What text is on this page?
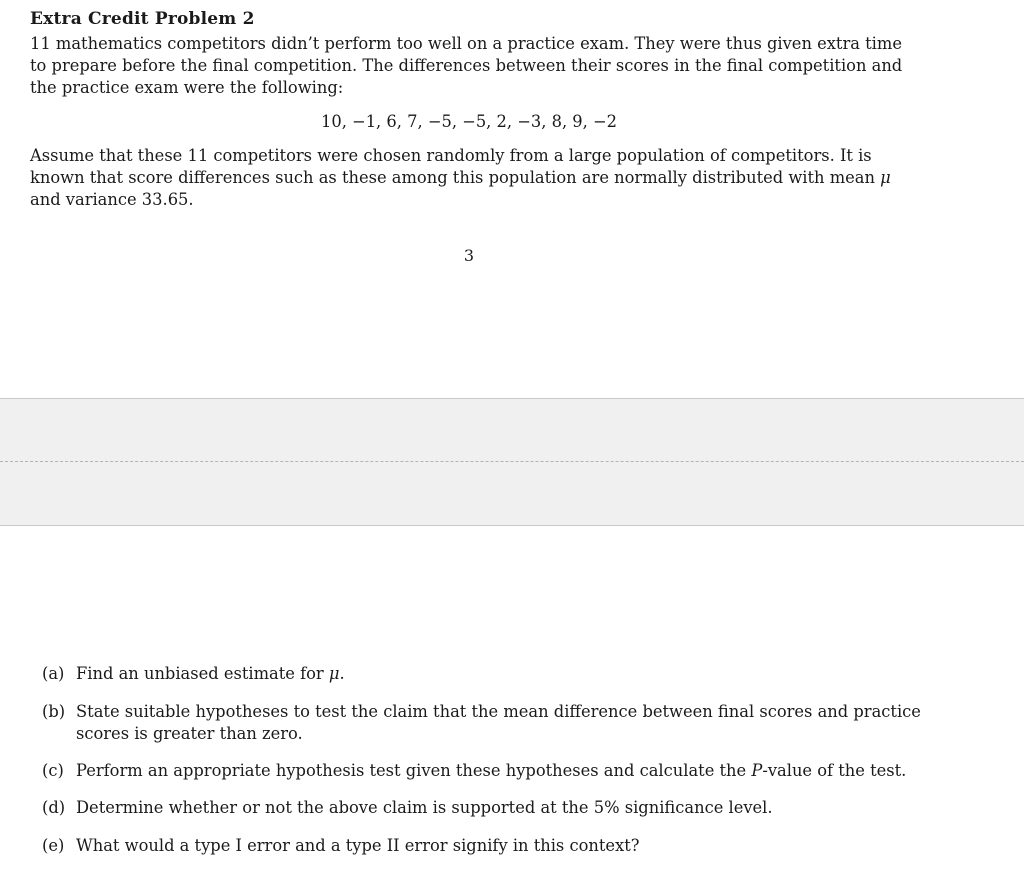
Extra Credit Problem 2
11 mathematics competitors didn’t perform too well on a practice exam. They were thus given extra time to prepare before the final competition. The differences between their scores in the final competition and the practice exam were the following:
10, −1, 6, 7, −5, −5, 2, −3, 8, 9, −2
Assume that these 11 competitors were chosen randomly from a large population of competitors. It is known that score differences such as these among this population are normally distributed with mean μ and variance 33.65.
3
(a) Find an unbiased estimate for μ.
(b) State suitable hypotheses to test the claim that the mean difference between final scores and practice scores is greater than zero.
(c) Perform an appropriate hypothesis test given these hypotheses and calculate the P-value of the test.
(d) Determine whether or not the above claim is supported at the 5% significance level.
(e) What would a type I error and a type II error signify in this context?
